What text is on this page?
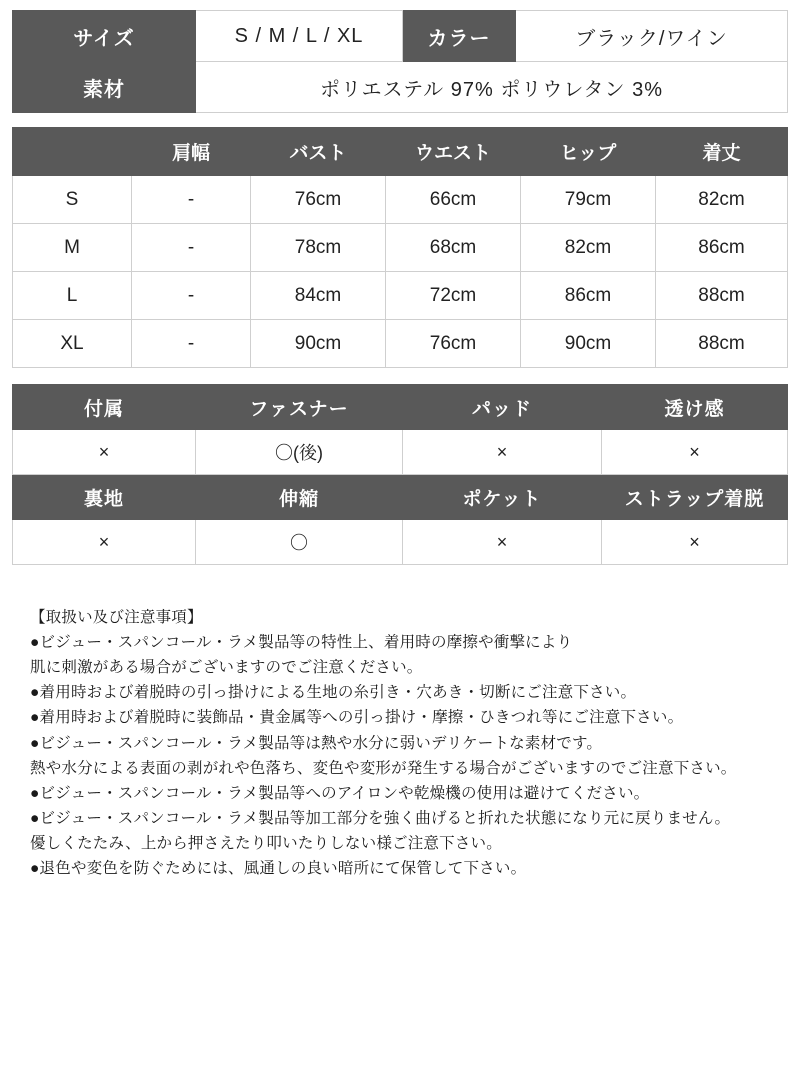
サイズ	S / M / L / XL	カラー	ブラック/ワイン
素材	ポリエステル 97% ポリウレタン 3%		
	肩幅	バスト	ウエスト	ヒップ	着丈
S	-	76cm	66cm	79cm	82cm
M	-	78cm	68cm	82cm	86cm
L	-	84cm	72cm	86cm	88cm
XL	-	90cm	76cm	90cm	88cm
付属	ファスナー	パッド	透け感
×	〇(後)	×	×
裏地	伸縮	ポケット	ストラップ着脱
×	〇	×	×
【取扱い及び注意事項】
●ビジュー・スパンコール・ラメ製品等の特性上、着用時の摩擦や衝撃により
肌に刺激がある場合がございますのでご注意ください。
●着用時および着脱時の引っ掛けによる生地の糸引き・穴あき・切断にご注意下さい。
●着用時および着脱時に装飾品・貴金属等への引っ掛け・摩擦・ひきつれ等にご注意下さい。
●ビジュー・スパンコール・ラメ製品等は熱や水分に弱いデリケートな素材です。
熱や水分による表面の剥がれや色落ち、変色や変形が発生する場合がございますのでご注意下さい。
●ビジュー・スパンコール・ラメ製品等へのアイロンや乾燥機の使用は避けてください。
●ビジュー・スパンコール・ラメ製品等加工部分を強く曲げると折れた状態になり元に戻りません。
優しくたたみ、上から押さえたり叩いたりしない様ご注意下さい。
●退色や変色を防ぐためには、風通しの良い暗所にて保管して下さい。
